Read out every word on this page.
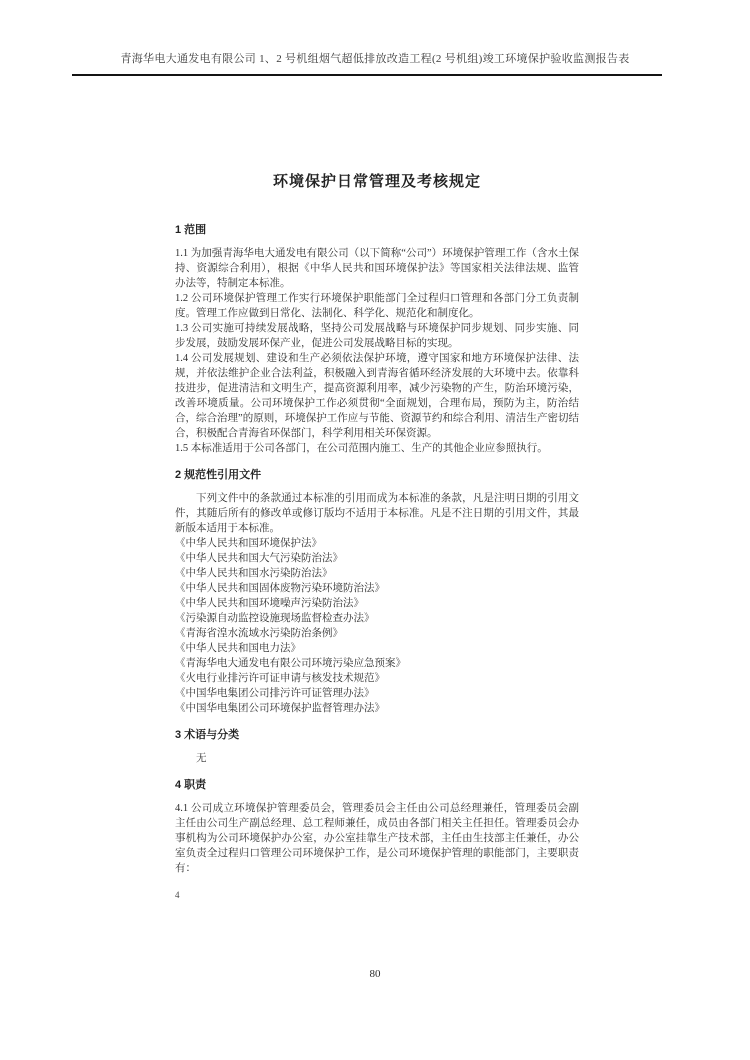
青海华电大通发电有限公司 1、2 号机组烟气超低排放改造工程(2 号机组)竣工环境保护验收监测报告表
环境保护日常管理及考核规定
1 范围

1.1 为加强青海华电大通发电有限公司（以下简称“公司”）环境保护管理工作（含水土保持、资源综合利用），根据《中华人民共和国环境保护法》等国家相关法律法规、监管办法等，特制定本标准。

1.2 公司环境保护管理工作实行环境保护职能部门全过程归口管理和各部门分工负责制度。管理工作应做到日常化、法制化、科学化、规范化和制度化。

1.3 公司实施可持续发展战略，坚持公司发展战略与环境保护同步规划、同步实施、同步发展，鼓励发展环保产业，促进公司发展战略目标的实现。

1.4 公司发展规划、建设和生产必须依法保护环境，遵守国家和地方环境保护法律、法规，并依法维护企业合法利益，积极融入到青海省循环经济发展的大环境中去。依靠科技进步，促进清洁和文明生产，提高资源利用率，减少污染物的产生，防治环境污染，改善环境质量。公司环境保护工作必须贯彻“全面规划，合理布局，预防为主，防治结合，综合治理”的原则，环境保护工作应与节能、资源节约和综合利用、清洁生产密切结合，积极配合青海省环保部门，科学利用相关环保资源。

1.5 本标准适用于公司各部门，在公司范围内施工、生产的其他企业应参照执行。

2 规范性引用文件

下列文件中的条款通过本标准的引用而成为本标准的条款，凡是注明日期的引用文件，其随后所有的修改单或修订版均不适用于本标准。凡是不注日期的引用文件，其最新版本适用于本标准。

《中华人民共和国环境保护法》

《中华人民共和国大气污染防治法》

《中华人民共和国水污染防治法》

《中华人民共和国固体废物污染环境防治法》

《中华人民共和国环境噪声污染防治法》

《污染源自动监控设施现场监督检查办法》

《青海省湟水流域水污染防治条例》

《中华人民共和国电力法》

《青海华电大通发电有限公司环境污染应急预案》

《火电行业排污许可证申请与核发技术规范》

《中国华电集团公司排污许可证管理办法》

《中国华电集团公司环境保护监督管理办法》

3 术语与分类

无

4 职责

4.1 公司成立环境保护管理委员会，管理委员会主任由公司总经理兼任，管理委员会副主任由公司生产副总经理、总工程师兼任，成员由各部门相关主任担任。管理委员会办事机构为公司环境保护办公室，办公室挂靠生产技术部，主任由生技部主任兼任，办公室负责全过程归口管理公司环境保护工作，是公司环境保护管理的职能部门，主要职责有：

4
80
